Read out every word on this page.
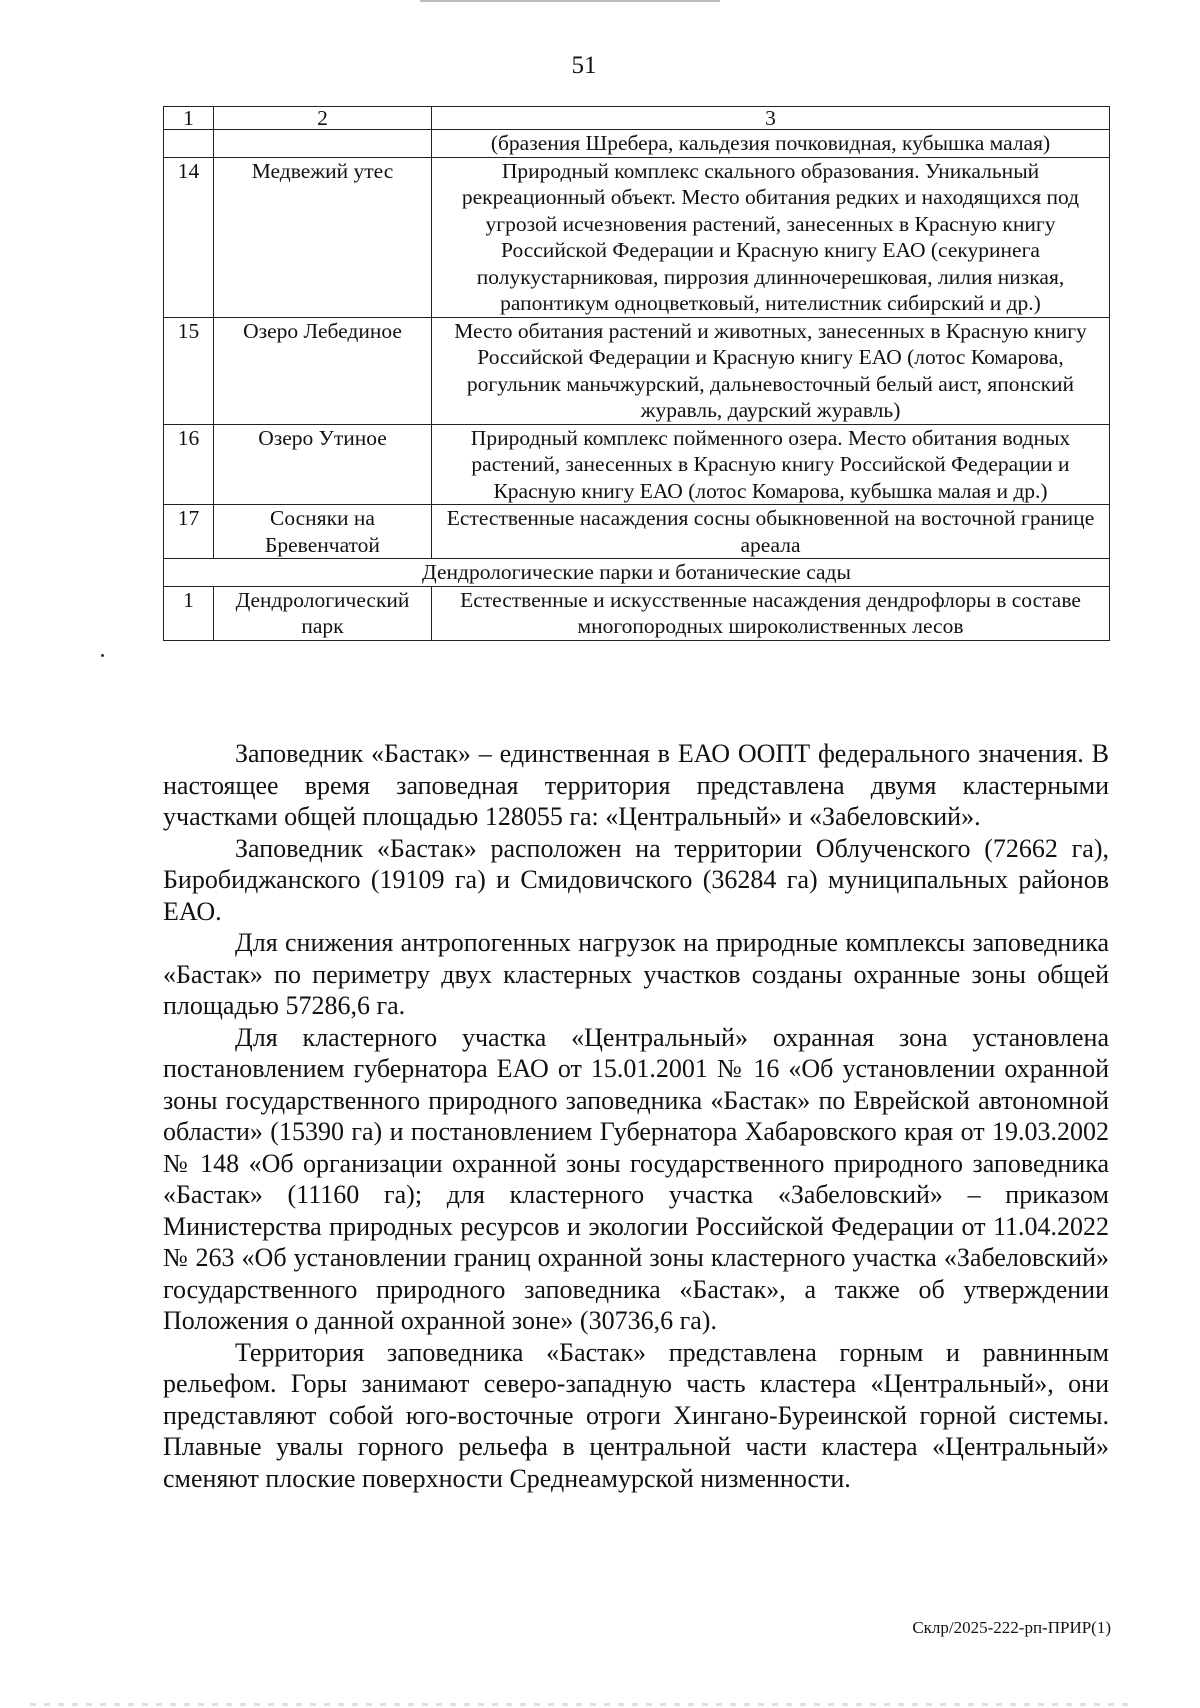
51
1	2	3
		(бразения Шребера, кальдезия почковидная, кубышка малая)
14	Медвежий утес	Природный комплекс скального образования. Уникальный рекреационный объект. Место обитания редких и находящихся под угрозой исчезновения растений, занесенных в Красную книгу Российской Федерации и Красную книгу ЕАО (секуринега полукустарниковая, пиррозия длинночерешковая, лилия низкая, рапонтикум одноцветковый, нителистник сибирский и др.)
15	Озеро Лебединое	Место обитания растений и животных, занесенных в Красную книгу Российской Федерации и Красную книгу ЕАО (лотос Комарова, рогульник маньчжурский, дальневосточный белый аист, японский журавль, даурский журавль)
16	Озеро Утиное	Природный комплекс пойменного озера. Место обитания водных растений, занесенных в Красную книгу Российской Федерации и Красную книгу ЕАО (лотос Комарова, кубышка малая и др.)
17	Сосняки на Бревенчатой	Естественные насаждения сосны обыкновенной на восточной границе ареала
Дендрологические парки и ботанические сады		
1	Дендрологический парк	Естественные и искусственные насаждения дендрофлоры в составе многопородных широколиственных лесов

Заповедник «Бастак» – единственная в ЕАО ООПТ федерального значения. В настоящее время заповедная территория представлена двумя кластерными участками общей площадью 128055 га: «Центральный» и «Забеловский».

Заповедник «Бастак» расположен на территории Облученского (72662 га), Биробиджанского (19109 га) и Смидовичского (36284 га) муниципальных районов ЕАО.

Для снижения антропогенных нагрузок на природные комплексы заповедника «Бастак» по периметру двух кластерных участков созданы охранные зоны общей площадью 57286,6 га.

Для кластерного участка «Центральный» охранная зона установлена постановлением губернатора ЕАО от 15.01.2001 № 16 «Об установлении охранной зоны государственного природного заповедника «Бастак» по Еврейской автономной области» (15390 га) и постановлением Губернатора Хабаровского края от 19.03.2002 № 148 «Об организации охранной зоны государственного природного заповедника «Бастак» (11160 га); для кластерного участка «Забеловский» – приказом Министерства природных ресурсов и экологии Российской Федерации от 11.04.2022 № 263 «Об установлении границ охранной зоны кластерного участка «Забеловский» государственного природного заповедника «Бастак», а также об утверждении Положения о данной охранной зоне» (30736,6 га).

Территория заповедника «Бастак» представлена горным и равнинным рельефом. Горы занимают северо-западную часть кластера «Центральный», они представляют собой юго-восточные отроги Хингано-Буреинской горной системы. Плавные увалы горного рельефа в центральной части кластера «Центральный» сменяют плоские поверхности Среднеамурской низменности.

Склр/2025-222-рп-ПРИР(1)
